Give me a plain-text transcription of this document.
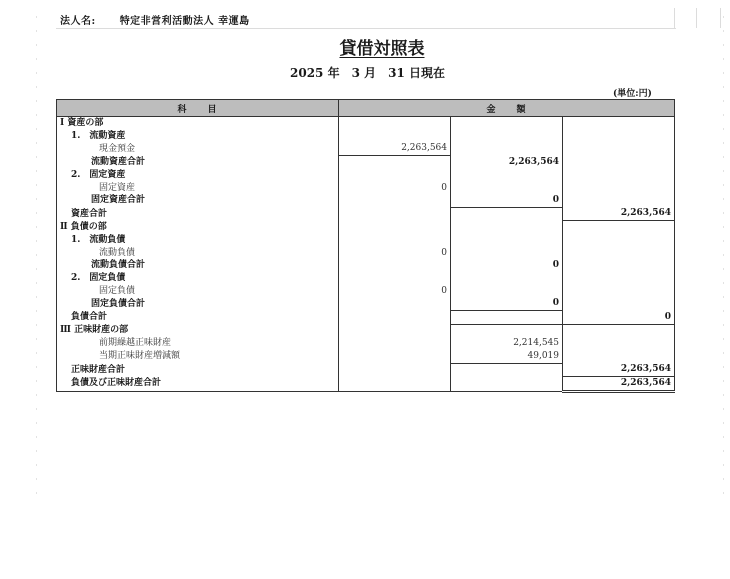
法人名: 特定非営利活動法人 幸運島
貸借対照表
2025 年　3 月　31 日現在
(単位:円)
科　　目	金　　額		
Ⅰ 資産の部			
1.　流動資産			
現金預金	2,263,564		
流動資産合計		2,263,564	
2.　固定資産			
固定資産	0		
固定資産合計		0	
資産合計			2,263,564
Ⅱ 負債の部			
1.　流動負債			
流動負債	0		
流動負債合計		0	
2.　固定負債			
固定負債	0		
固定負債合計		0	
負債合計			0
Ⅲ 正味財産の部			
前期繰越正味財産		2,214,545	
当期正味財産増減額		49,019	
正味財産合計			2,263,564
負債及び正味財産合計			2,263,564
